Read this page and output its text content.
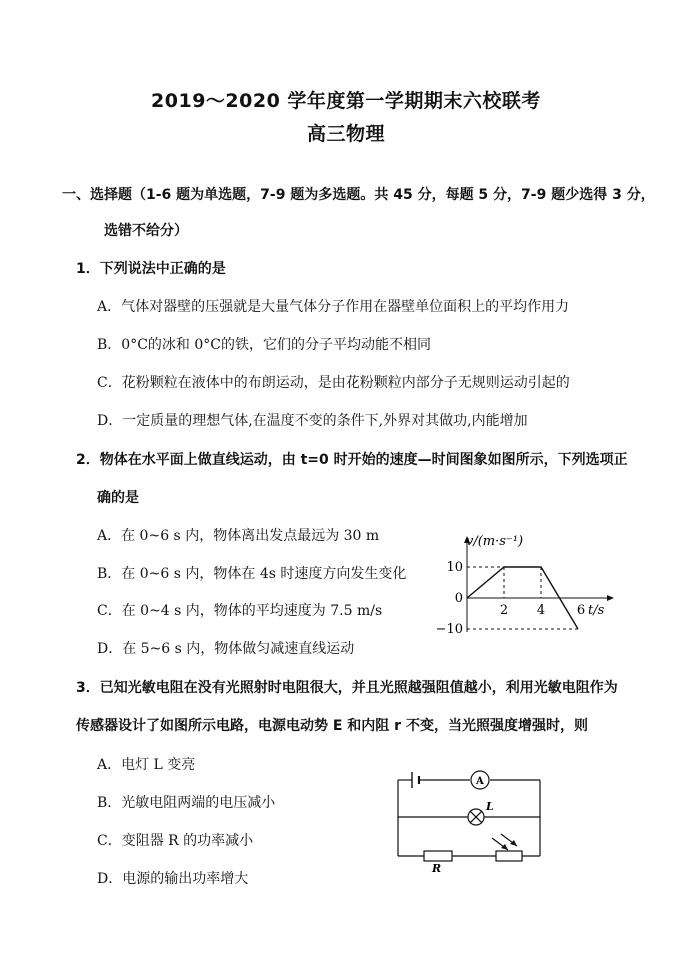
2019～2020 学年度第一学期期末六校联考
高三物理
一、选择题（1-6 题为单选题，7-9 题为多选题。共 45 分，每题 5 分，7-9 题少选得 3 分，
选错不给分）
1．下列说法中正确的是
A．气体对器壁的压强就是大量气体分子作用在器壁单位面积上的平均作用力
B．0°C的冰和 0°C的铁，它们的分子平均动能不相同
C．花粉颗粒在液体中的布朗运动，是由花粉颗粒内部分子无规则运动引起的
D．一定质量的理想气体,在温度不变的条件下,外界对其做功,内能增加
2．物体在水平面上做直线运动，由 t=0 时开始的速度—时间图象如图所示，下列选项正
确的是
A．在 0~6 s 内，物体离出发点最远为 30 m
B．在 0~6 s 内，物体在 4s 时速度方向发生变化
C．在 0~4 s 内，物体的平均速度为 7.5 m/s
D．在 5~6 s 内，物体做匀减速直线运动
v/(m·s⁻¹)
10
0
−10
2 4 6 t/s
3．已知光敏电阻在没有光照射时电阻很大，并且光照越强阻值越小，利用光敏电阻作为
传感器设计了如图所示电路，电源电动势 E 和内阻 r 不变，当光照强度增强时，则
A．电灯 L 变亮
B．光敏电阻两端的电压减小
C．变阻器 R 的功率减小
D．电源的输出功率增大
A
L
R
